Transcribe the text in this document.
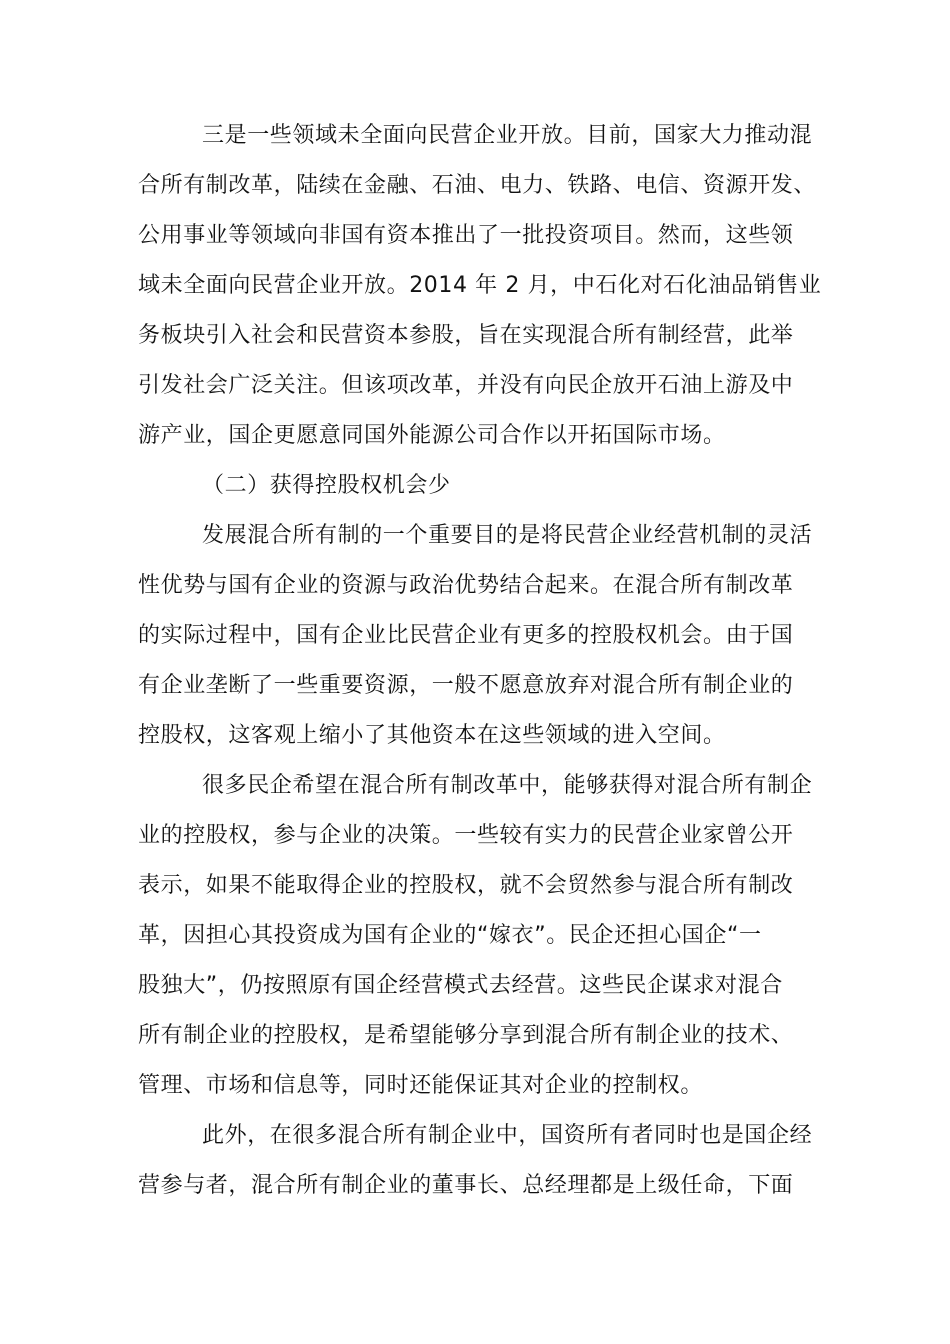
三是一些领域未全面向民营企业开放。目前，国家大力推动混
合所有制改革，陆续在金融、石油、电力、铁路、电信、资源开发、
公用事业等领域向非国有资本推出了一批投资项目。然而，这些领
域未全面向民营企业开放。2014 年 2 月，中石化对石化油品销售业
务板块引入社会和民营资本参股，旨在实现混合所有制经营，此举
引发社会广泛关注。但该项改革，并没有向民企放开石油上游及中
游产业，国企更愿意同国外能源公司合作以开拓国际市场。
（二）获得控股权机会少
发展混合所有制的一个重要目的是将民营企业经营机制的灵活
性优势与国有企业的资源与政治优势结合起来。在混合所有制改革
的实际过程中，国有企业比民营企业有更多的控股权机会。由于国
有企业垄断了一些重要资源，一般不愿意放弃对混合所有制企业的
控股权，这客观上缩小了其他资本在这些领域的进入空间。
很多民企希望在混合所有制改革中，能够获得对混合所有制企
业的控股权，参与企业的决策。一些较有实力的民营企业家曾公开
表示，如果不能取得企业的控股权，就不会贸然参与混合所有制改
革，因担心其投资成为国有企业的“嫁衣”。民企还担心国企“一
股独大”，仍按照原有国企经营模式去经营。这些民企谋求对混合
所有制企业的控股权，是希望能够分享到混合所有制企业的技术、
管理、市场和信息等，同时还能保证其对企业的控制权。
此外，在很多混合所有制企业中，国资所有者同时也是国企经
营参与者，混合所有制企业的董事长、总经理都是上级任命，下面
